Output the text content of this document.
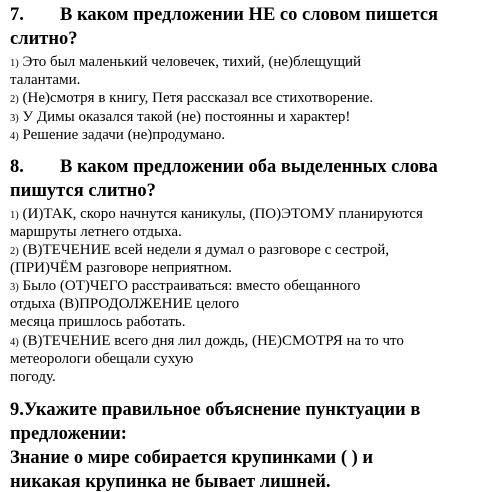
7. В каком предложении НЕ со словом пишется
слитно?
1) Это был маленький человечек, тихий, (не)блещущий
талантами.
2) (Не)смотря в книгу, Петя рассказал все стихотворение.
3) У Димы оказался такой (не) постоянны и характер!
4) Решение задачи (не)продумано.
8. В каком предложении оба выделенных слова
пишутся слитно?
1) (И)ТАК, скоро начнутся каникулы, (ПО)ЭТОМУ планируются
маршруты летнего отдыха.
2) (В)ТЕЧЕНИЕ всей недели я думал о разговоре с сестрой,
(ПРИ)ЧЁМ разговоре неприятном.
3) Было (ОТ)ЧЕГО расстраиваться: вместо обещанного
отдыха (В)ПРОДОЛЖЕНИЕ целого
месяца пришлось работать.
4) (В)ТЕЧЕНИЕ всего дня лил дождь, (НЕ)СМОТРЯ на то что
метеорологи обещали сухую
погоду.
9.Укажите правильное объяснение пунктуации в
предложении:
Знание о мире собирается крупинками ( ) и
никакая крупинка не бывает лишней.
